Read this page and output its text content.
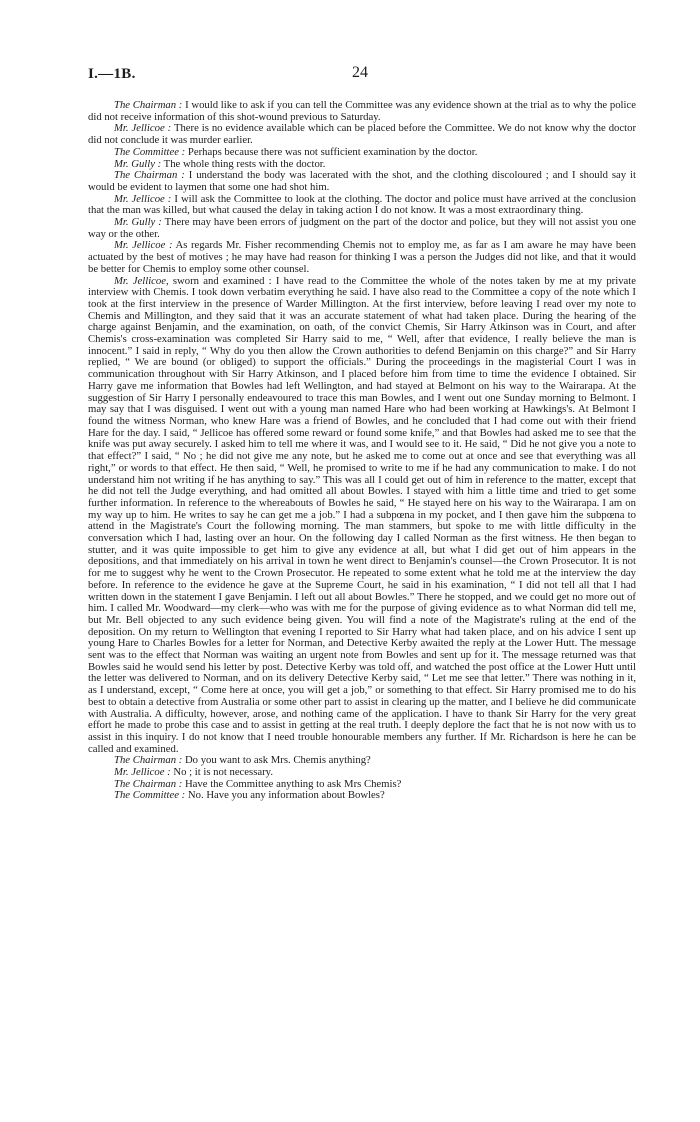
I.—1B.	24

The Chairman : I would like to ask if you can tell the Committee was any evidence shown at the trial as to why the police did not receive information of this shot-wound previous to Saturday.

Mr. Jellicoe : There is no evidence available which can be placed before the Committee. We do not know why the doctor did not conclude it was murder earlier.

The Committee : Perhaps because there was not sufficient examination by the doctor.

Mr. Gully : The whole thing rests with the doctor.

The Chairman : I understand the body was lacerated with the shot, and the clothing discoloured ; and I should say it would be evident to laymen that some one had shot him.

Mr. Jellicoe : I will ask the Committee to look at the clothing. The doctor and police must have arrived at the conclusion that the man was killed, but what caused the delay in taking action I do not know. It was a most extraordinary thing.

Mr. Gully : There may have been errors of judgment on the part of the doctor and police, but they will not assist you one way or the other.

Mr. Jellicoe : As regards Mr. Fisher recommending Chemis not to employ me, as far as I am aware he may have been actuated by the best of motives ; he may have had reason for thinking I was a person the Judges did not like, and that it would be better for Chemis to employ some other counsel.

Mr. Jellicoe, sworn and examined : I have read to the Committee the whole of the notes taken by me at my private interview with Chemis. I took down verbatim everything he said. I have also read to the Committee a copy of the note which I took at the first interview in the presence of Warder Millington. At the first interview, before leaving I read over my note to Chemis and Millington, and they said that it was an accurate statement of what had taken place. During the hearing of the charge against Benjamin, and the examination, on oath, of the convict Chemis, Sir Harry Atkinson was in Court, and after Chemis's cross-examination was completed Sir Harry said to me, “ Well, after that evidence, I really believe the man is innocent.” I said in reply, “ Why do you then allow the Crown authorities to defend Benjamin on this charge?” and Sir Harry replied, “ We are bound (or obliged) to support the officials.” During the proceedings in the magisterial Court I was in communication throughout with Sir Harry Atkinson, and I placed before him from time to time the evidence I obtained. Sir Harry gave me information that Bowles had left Wellington, and had stayed at Belmont on his way to the Wairarapa. At the suggestion of Sir Harry I personally endeavoured to trace this man Bowles, and I went out one Sunday morning to Belmont. I may say that I was disguised. I went out with a young man named Hare who had been working at Hawkings's. At Belmont I found the witness Norman, who knew Hare was a friend of Bowles, and he concluded that I had come out with their friend Hare for the day. I said, “ Jellicoe has offered some reward or found some knife,” and that Bowles had asked me to see that the knife was put away securely. I asked him to tell me where it was, and I would see to it. He said, “ Did he not give you a note to that effect?” I said, “ No ; he did not give me any note, but he asked me to come out at once and see that everything was all right,” or words to that effect. He then said, “ Well, he promised to write to me if he had any communication to make. I do not understand him not writing if he has anything to say.” This was all I could get out of him in reference to the matter, except that he did not tell the Judge everything, and had omitted all about Bowles. I stayed with him a little time and tried to get some further information. In reference to the whereabouts of Bowles he said, “ He stayed here on his way to the Wairarapa. I am on my way up to him. He writes to say he can get me a job.” I had a subpœna in my pocket, and I then gave him the subpœna to attend in the Magistrate's Court the following morning. The man stammers, but spoke to me with little difficulty in the conversation which I had, lasting over an hour. On the following day I called Norman as the first witness. He then began to stutter, and it was quite impossible to get him to give any evidence at all, but what I did get out of him appears in the depositions, and that immediately on his arrival in town he went direct to Benjamin's counsel—the Crown Prosecutor. It is not for me to suggest why he went to the Crown Prosecutor. He repeated to some extent what he told me at the interview the day before. In reference to the evidence he gave at the Supreme Court, he said in his examination, “ I did not tell all that I had written down in the statement I gave Benjamin. I left out all about Bowles.” There he stopped, and we could get no more out of him. I called Mr. Woodward—my clerk—who was with me for the purpose of giving evidence as to what Norman did tell me, but Mr. Bell objected to any such evidence being given. You will find a note of the Magistrate's ruling at the end of the deposition. On my return to Wellington that evening I reported to Sir Harry what had taken place, and on his advice I sent up young Hare to Charles Bowles for a letter for Norman, and Detective Kerby awaited the reply at the Lower Hutt. The message sent was to the effect that Norman was waiting an urgent note from Bowles and sent up for it. The message returned was that Bowles said he would send his letter by post. Detective Kerby was told off, and watched the post office at the Lower Hutt until the letter was delivered to Norman, and on its delivery Detective Kerby said, “ Let me see that letter.” There was nothing in it, as I understand, except, “ Come here at once, you will get a job,” or something to that effect. Sir Harry promised me to do his best to obtain a detective from Australia or some other part to assist in clearing up the matter, and I believe he did communicate with Australia. A difficulty, however, arose, and nothing came of the application. I have to thank Sir Harry for the very great effort he made to probe this case and to assist in getting at the real truth. I deeply deplore the fact that he is not now with us to assist in this inquiry. I do not know that I need trouble honourable members any further. If Mr. Richardson is here he can be called and examined.

The Chairman : Do you want to ask Mrs. Chemis anything?

Mr. Jellicoe : No ; it is not necessary.

The Chairman : Have the Committee anything to ask Mrs Chemis?

The Committee : No. Have you any information about Bowles?
